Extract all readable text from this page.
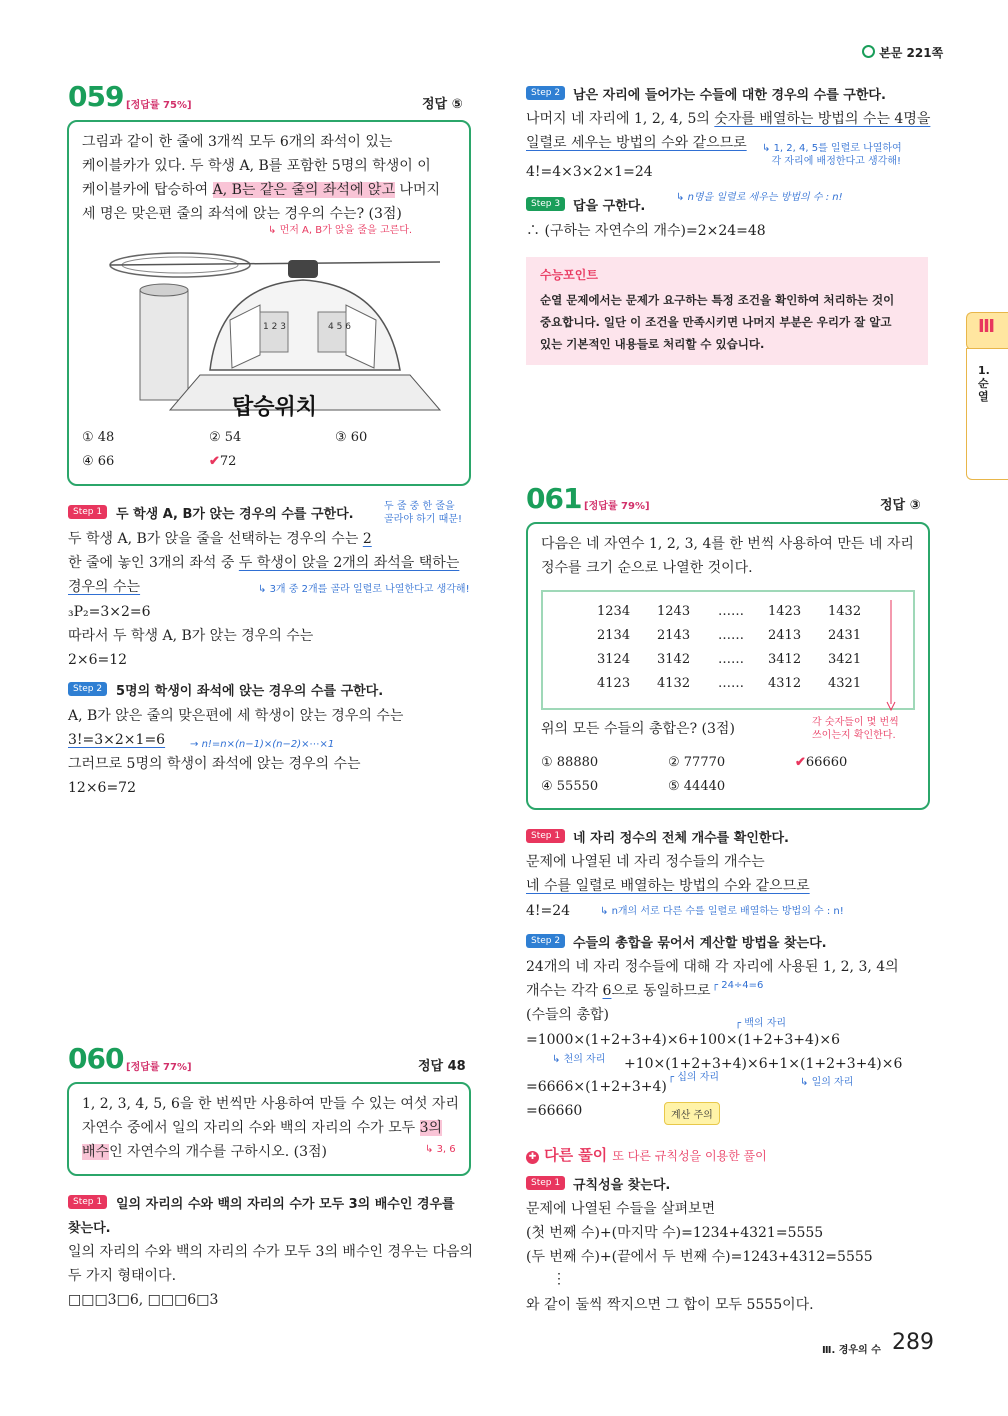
본문 221쪽
059 [정답률 75%]	정답 ⑤
그림과 같이 한 줄에 3개씩 모두 6개의 좌석이 있는
케이블카가 있다. 두 학생 A, B를 포함한 5명의 학생이 이
케이블카에 탑승하여 A, B는 같은 줄의 좌석에 앉고 나머지
세 명은 맞은편 줄의 좌석에 앉는 경우의 수는? (3점)
↳ 먼저 A, B가 앉을 줄을 고른다.
1 2 3	4 5 6
탑승위치
① 48	② 54	③ 60
④ 66	✔72
Step 1	두 학생 A, B가 앉는 경우의 수를 구한다.
두 줄 중 한 줄을
골라야 하기 때문!
두 학생 A, B가 앉을 줄을 선택하는 경우의 수는 2
한 줄에 놓인 3개의 좌석 중 두 학생이 앉을 2개의 좌석을 택하는
경우의 수는	↳ 3개 중 2개를 골라 일렬로 나열한다고 생각해!
₃P₂=3×2=6
따라서 두 학생 A, B가 앉는 경우의 수는
2×6=12
Step 2	5명의 학생이 좌석에 앉는 경우의 수를 구한다.
A, B가 앉은 줄의 맞은편에 세 학생이 앉는 경우의 수는
3!=3×2×1=6 → n!=n×(n−1)×(n−2)×⋯×1
그러므로 5명의 학생이 좌석에 앉는 경우의 수는
12×6=72
060 [정답률 77%]	정답 48
1, 2, 3, 4, 5, 6을 한 번씩만 사용하여 만들 수 있는 여섯 자리
자연수 중에서 일의 자리의 수와 백의 자리의 수가 모두 3의
배수인 자연수의 개수를 구하시오. (3점)	↳ 3, 6
Step 1	일의 자리의 수와 백의 자리의 수가 모두 3의 배수인 경우를
찾는다.
일의 자리의 수와 백의 자리의 수가 모두 3의 배수인 경우는 다음의
두 가지 형태이다.
□□□3□6, □□□6□3
Step 2 남은 자리에 들어가는 수들에 대한 경우의 수를 구한다.
나머지 네 자리에 1, 2, 4, 5의 숫자를 배열하는 방법의 수는 4명을
일렬로 세우는 방법의 수와 같으므로 ↳ 1, 2, 4, 5를 일렬로 나열하여
각 자리에 배정한다고 생각해!
4!=4×3×2×1=24
↳ n명을 일렬로 세우는 방법의 수 : n!
Step 3 답을 구한다.
∴ (구하는 자연수의 개수)=2×24=48
수능포인트
순열 문제에서는 문제가 요구하는 특정 조건을 확인하여 처리하는 것이
중요합니다. 일단 이 조건을 만족시키면 나머지 부분은 우리가 잘 알고
있는 기본적인 내용들로 처리할 수 있습니다.
Ⅲ
1. 순열
061 [정답률 79%]	정답 ③
다음은 네 자연수 1, 2, 3, 4를 한 번씩 사용하여 만든 네 자리
정수를 크기 순으로 나열한 것이다.
1234 1243 …… 1423 1432
2134 2143 …… 2413 2431
3124 3142 …… 3412 3421
4123 4132 …… 4312 4321
위의 모든 수들의 총합은? (3점)	각 숫자들이 몇 번씩
쓰이는지 확인한다.
① 88880	② 77770	✔66660
④ 55550	⑤ 44440
Step 1 네 자리 정수의 전체 개수를 확인한다.
문제에 나열된 네 자리 정수들의 개수는
네 수를 일렬로 배열하는 방법의 수와 같으므로
4!=24	↳ n개의 서로 다른 수를 일렬로 배열하는 방법의 수 : n!
Step 2 수들의 총합을 묶어서 계산할 방법을 찾는다.
24개의 네 자리 정수들에 대해 각 자리에 사용된 1, 2, 3, 4의
개수는 각각 6으로 동일하므로 ┌ 24÷4=6
(수들의 총합)
┌ 백의 자리
=1000×(1+2+3+4)×6+100×(1+2+3+4)×6
↳ 천의 자리 +10×(1+2+3+4)×6+1×(1+2+3+4)×6
┌ 십의 자리	↳ 일의 자리
=6666×(1+2+3+4)
=66660	계산 주의
✚ 다른 풀이 또 다른 규칙성을 이용한 풀이
Step 1 규칙성을 찾는다.
문제에 나열된 수들을 살펴보면
(첫 번째 수)+(마지막 수)=1234+4321=5555
(두 번째 수)+(끝에서 두 번째 수)=1243+4312=5555
⋮
와 같이 둘씩 짝지으면 그 합이 모두 5555이다.
Ⅲ. 경우의 수 289
